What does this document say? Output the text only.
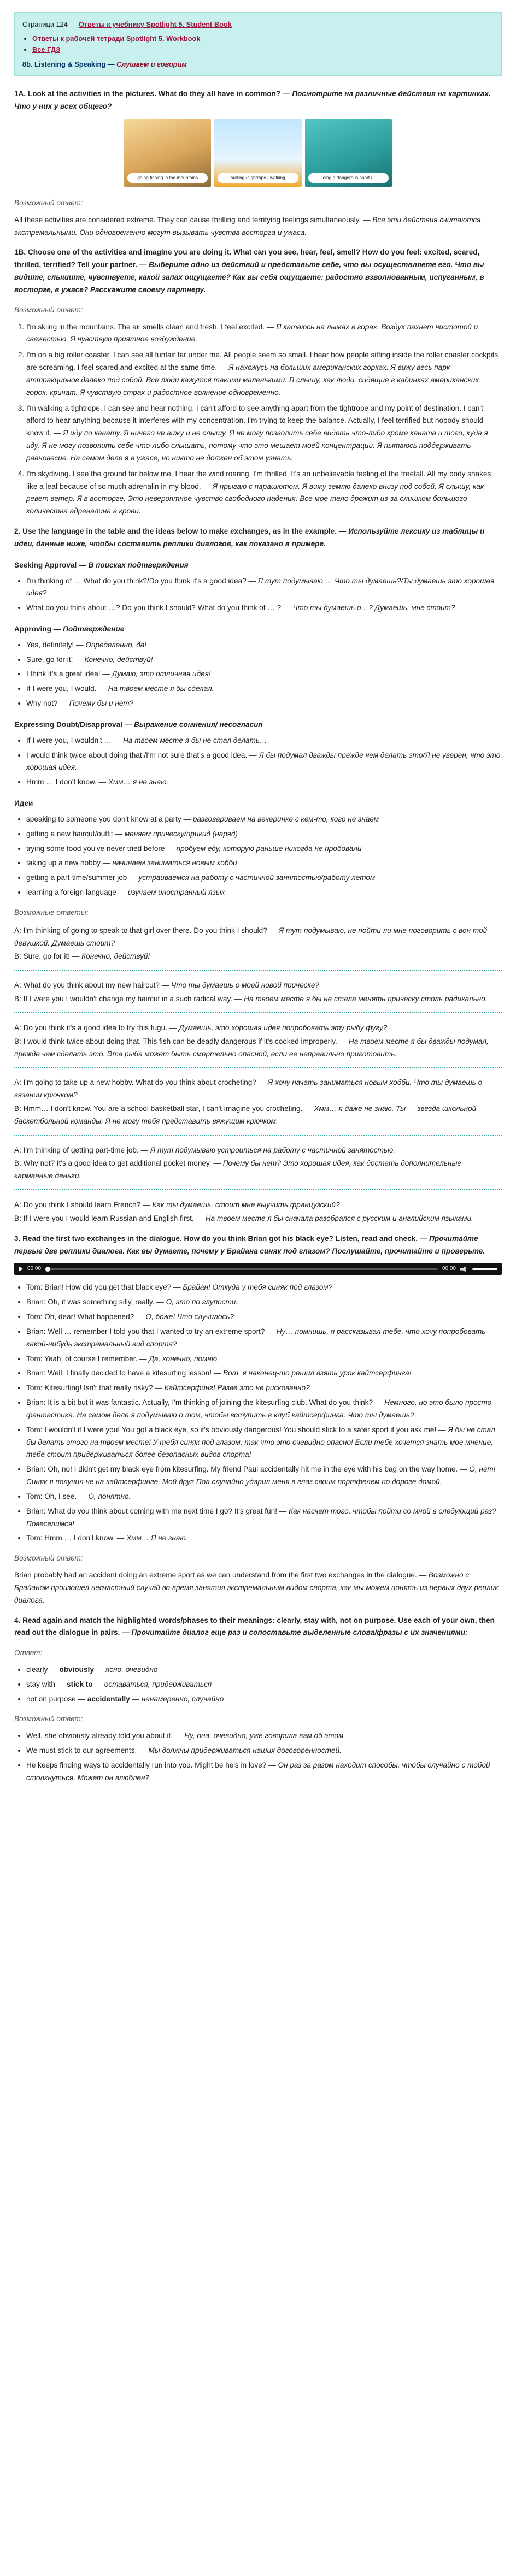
Страница 124 — Ответы к учебнику Spotlight 5. Student Book
• Ответы к рабочей тетради Spotlight 5. Workbook
• Все ГДЗ
8b. Listening & Speaking — Слушаем и говорим

1A. Look at the activities in the pictures. What do they all have in common? — Посмотрите на различные действия на картинках. Что у них у всех общего?

going fishing in the mountains	surfing / tightrope / walking	Doing a dangerous sport / ...

Возможный ответ:

All these activities are considered extreme. They can cause thrilling and terrifying feelings simultaneously. — Все эти действия считаются экстремальными. Они одновременно могут вызывать чувства восторга и ужаса.

1B. Choose one of the activities and imagine you are doing it. What can you see, hear, feel, smell? How do you feel: excited, scared, thrilled, terrified? Tell your partner. — Выберите одно из действий и представьте себе, что вы осуществляете его. Что вы видите, слышите, чувствуете, какой запах ощущаете? Как вы себя ощущаете: радостно взволнованным, испуганным, в восторге, в ужасе? Расскажите своему партнеру.

Возможный ответ:

1. I'm skiing in the mountains. The air smells clean and fresh. I feel excited. — Я катаюсь на лыжах в горах. Воздух пахнет чистотой и свежестью. Я чувствую приятное возбуждение.
2. I'm on a big roller coaster. I can see all funfair far under me. All people seem so small. I hear how people sitting inside the roller coaster cockpits are screaming. I feel scared and excited at the same time. — Я нахожусь на больших американских горках. Я вижу весь парк аттракционов далеко под собой. Все люди кажутся такими маленькими. Я слышу, как люди, сидящие в кабинках американских горок, кричат. Я чувствую страх и радостное волнение одновременно.
3. I'm walking a tightrope. I can see and hear nothing. I can't afford to see anything apart from the tightrope and my point of destination. I can't afford to hear anything because it interferes with my concentration. I'm trying to keep the balance. Actually, I feel terrified but nobody should know it. — Я иду по канату. Я ничего не вижу и не слышу. Я не могу позволить себе видеть что-либо кроме каната и того, куда я иду. Я не могу позволить себе что-либо слышать, потому что это мешает моей концентрации. Я пытаюсь поддерживать равновесие. На самом деле я в ужасе, но никто не должен об этом узнать.
4. I'm skydiving. I see the ground far below me. I hear the wind roaring. I'm thrilled. It's an unbelievable feeling of the freefall. All my body shakes like a leaf because of so much adrenalin in my blood. — Я прыгаю с парашютом. Я вижу землю далеко внизу под собой. Я слышу, как ревет ветер. Я в восторге. Это невероятное чувство свободного падения. Все мое тело дрожит из-за слишком большого количества адреналина в крови.

2. Use the language in the table and the ideas below to make exchanges, as in the example. — Используйте лексику из таблицы и идеи, данные ниже, чтобы составить реплики диалогов, как показано в примере.

Seeking Approval — В поисках подтверждения

• I'm thinking of … What do you think?/Do you think it's a good idea? — Я тут подумываю … Что ты думаешь?/Ты думаешь это хорошая идея?
• What do you think about …? Do you think I should? What do you think of … ? — Что ты думаешь о…? Думаешь, мне стоит?

Approving — Подтверждение

• Yes, definitely! — Определенно, да!
• Sure, go for it! — Конечно, действуй!
• I think it's a great idea! — Думаю, это отличная идея!
• If I were you, I would. — На твоем месте я бы сделал.
• Why not? — Почему бы и нет?

Expressing Doubt/Disapproval — Выражение сомнения/ несогласия

• If I were you, I wouldn't … — На твоем месте я бы не стал делать…
• I would think twice about doing that./I'm not sure that's a good idea. — Я бы подумал дважды прежде чем делать это/Я не уверен, что это хорошая идея.
• Hmm … I don't know. — Хмм… я не знаю.

Идеи

• speaking to someone you don't know at a party — разговариваем на вечеринке с кем-то, кого не знаем
• getting a new haircut/outfit — меняем прическу/прикид (наряд)
• trying some food you've never tried before — пробуем еду, которую раньше никогда не пробовали
• taking up a new hobby — начинаем заниматься новым хобби
• getting a part-time/summer job — устраиваемся на работу с частичной занятостью/работу летом
• learning a foreign language — изучаем иностранный язык

Возможные ответы:

A: I'm thinking of going to speak to that girl over there. Do you think I should? — Я тут подумываю, не пойти ли мне поговорить с вон той девушкой. Думаешь стоит?

B: Sure, go for it! — Конечно, действуй!

A: What do you think about my new haircut? — Что ты думаешь о моей новой прическе?

B: If I were you I wouldn't change my haircut in a such radical way. — На твоем месте я бы не стала менять прическу столь радикально.

A: Do you think it's a good idea to try this fugu. — Думаешь, это хорошая идея попробовать эту рыбу фугу?

B: I would think twice about doing that. This fish can be deadly dangerous if it's cooked improperly. — На твоем месте я бы дважды подумал, прежде чем сделать это. Эта рыба может быть смертельно опасной, если ее неправильно приготовить.

A: I'm going to take up a new hobby. What do you think about crocheting? — Я хочу начать заниматься новым хобби. Что ты думаешь о вязании крючком?

B: Hmm… I don't know. You are a school basketball star, I can't imagine you crocheting. — Хмм… я даже не знаю. Ты — звезда школьной баскетбольной команды. Я не могу тебя представить вяжущим крючком.

A: I'm thinking of getting part-time job. — Я тут подумываю устроиться на работу с частичной занятостью.

B: Why not? It's a good idea to get additional pocket money. — Почему бы нет? Это хорошая идея, как достать дополнительные карманные деньги.

A: Do you think I should learn French? — Как ты думаешь, стоит мне выучить французский?

B: If I were you I would learn Russian and English first. — На твоем месте я бы сначала разобрался с русским и английским языками.

3. Read the first two exchanges in the dialogue. How do you think Brian got his black eye? Listen, read and check. — Прочитайте первые две реплики диалога. Как вы думаете, почему у Брайана синяк под глазом? Послушайте, прочитайте и проверьте.

00:00	00:00
• Tom: Brian! How did you get that black eye? — Брайан! Откуда у тебя синяк под глазом?
• Brian: Oh, it was something silly, really. — О, это по глупости.
• Tom: Oh, dear! What happened? — О, боже! Что случилось?
• Brian: Well … remember I told you that I wanted to try an extreme sport? — Ну… помнишь, я рассказывал тебе, что хочу попробовать какой-нибудь экстремальный вид спорта?
• Tom: Yeah, of course I remember. — Да, конечно, помню.
• Brian: Well, I finally decided to have a kitesurfing lesson! — Вот, я наконец-то решил взять урок кайтсерфинга!
• Tom: Kitesurfing! Isn't that really risky? — Кайтсерфинг! Разве это не рискованно?
• Brian: It is a bit but it was fantastic. Actually, I'm thinking of joining the kitesurfing club. What do you think? — Немного, но это было просто фантастика. На самом деле я подумываю о том, чтобы вступить в клуб кайтсерфинга. Что ты думаешь?
• Tom: I wouldn't if I were you! You got a black eye, so it's obviously dangerous! You should stick to a safer sport if you ask me! — Я бы не стал бы делать этого на твоем месте! У тебя синяк под глазом, так что это очевидно опасно! Если тебе хочется знать мое мнение, тебе стоит придерживаться более безопасных видов спорта!
• Brian: Oh, no! I didn't get my black eye from kitesurfing. My friend Paul accidentally hit me in the eye with his bag on the way home. — О, нет! Синяк я получил не на кайтсерфинге. Мой друг Пол случайно ударил меня в глаз своим портфелем по дороге домой.
• Tom: Oh, I see. — О, понятно.
• Brian: What do you think about coming with me next time I go? It's great fun! — Как насчет того, чтобы пойти со мной в следующий раз? Повеселимся!
• Tom: Hmm … I don't know. — Хмм… Я не знаю.

Возможный ответ:

Brian probably had an accident doing an extreme sport as we can understand from the first two exchanges in the dialogue. — Возможно с Брайаном произошел несчастный случай во время занятия экстремальным видом спорта, как мы можем понять из первых двух реплик диалога.

4. Read again and match the highlighted words/phases to their meanings: clearly, stay with, not on purpose. Use each of your own, then read out the dialogue in pairs. — Прочитайте диалог еще раз и сопоставьте выделенные слова/фразы с их значениями:

Ответ:

• clearly — obviously — ясно, очевидно
• stay with — stick to — оставаться, придерживаться
• not on purpose — accidentally — ненамеренно, случайно

Возможный ответ:

• Well, she obviously already told you about it. — Ну, она, очевидно, уже говорила вам об этом
• We must stick to our agreements. — Мы должны придерживаться наших договоренностей.
• He keeps finding ways to accidentally run into you. Might be he's in love? — Он раз за разом находит способы, чтобы случайно с тобой столкнуться. Может он влюблен?
